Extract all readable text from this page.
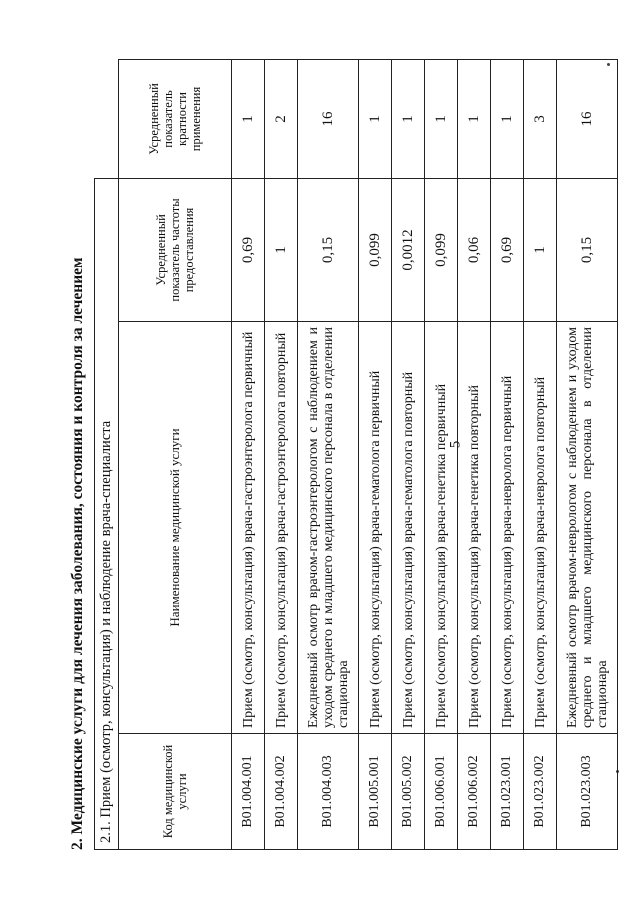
5
2. Медицинские услуги для лечения заболевания, состояния и контроля за лечением 2.1. Прием (осмотр, консультация) и наблюдение врача-специалиста			
Код медицинской услуги	Наименование медицинской услуги	Усредненный показатель частоты предоставления	Усредненный показатель кратности применения
B01.004.001	Прием (осмотр, консультация) врача-гастроэнтеролога первичный	0,69	1
B01.004.002	Прием (осмотр, консультация) врача-гастроэнтеролога повторный	1	2
B01.004.003	Ежедневный осмотр врачом-гастроэнтерологом с наблюдением и уходом среднего и младшего медицинского персонала в отделении стационара	0,15	16
B01.005.001	Прием (осмотр, консультация) врача-гематолога первичный	0,099	1
B01.005.002	Прием (осмотр, консультация) врача-гематолога повторный	0,0012	1
B01.006.001	Прием (осмотр, консультация) врача-генетика первичный	0,099	1
B01.006.002	Прием (осмотр, консультация) врача-генетика повторный	0,06	1
B01.023.001	Прием (осмотр, консультация) врача-невролога первичный	0,69	1
B01.023.002	Прием (осмотр, консультация) врача-невролога повторный	1	3
B01.023.003	Ежедневный осмотр врачом-неврологом с наблюдением и уходом среднего и младшего медицинского персонала в отделении стационара	0,15	16
